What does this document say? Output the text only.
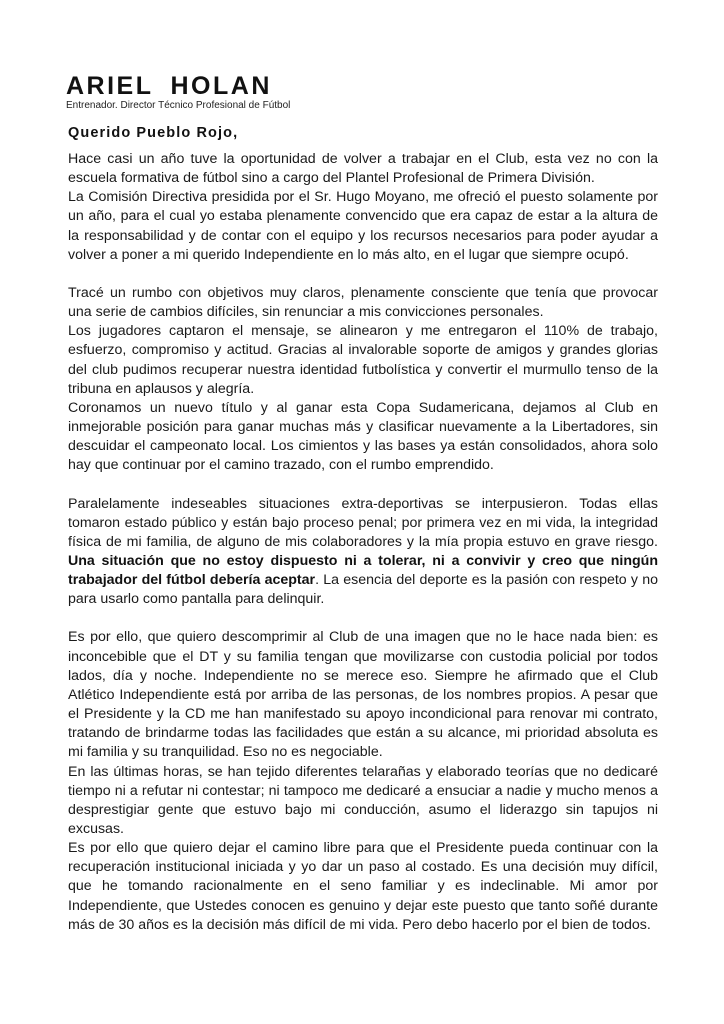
ARIEL HOLAN
Entrenador. Director Técnico Profesional de Fútbol
Querido Pueblo Rojo,

Hace casi un año tuve la oportunidad de volver a trabajar en el Club, esta vez no con la escuela formativa de fútbol sino a cargo del Plantel Profesional de Primera División.

La Comisión Directiva presidida por el Sr. Hugo Moyano, me ofreció el puesto solamente por un año, para el cual yo estaba plenamente convencido que era capaz de estar a la altura de la responsabilidad y de contar con el equipo y los recursos necesarios para poder ayudar a volver a poner a mi querido Independiente en lo más alto, en el lugar que siempre ocupó.

Tracé un rumbo con objetivos muy claros, plenamente consciente que tenía que provocar una serie de cambios difíciles, sin renunciar a mis convicciones personales.

Los jugadores captaron el mensaje, se alinearon y me entregaron el 110% de trabajo, esfuerzo, compromiso y actitud. Gracias al invalorable soporte de amigos y grandes glorias del club pudimos recuperar nuestra identidad futbolística y convertir el murmullo tenso de la tribuna en aplausos y alegría.

Coronamos un nuevo título y al ganar esta Copa Sudamericana, dejamos al Club en inmejorable posición para ganar muchas más y clasificar nuevamente a la Libertadores, sin descuidar el campeonato local. Los cimientos y las bases ya están consolidados, ahora solo hay que continuar por el camino trazado, con el rumbo emprendido.

Paralelamente indeseables situaciones extra-deportivas se interpusieron. Todas ellas tomaron estado público y están bajo proceso penal; por primera vez en mi vida, la integridad física de mi familia, de alguno de mis colaboradores y la mía propia estuvo en grave riesgo. Una situación que no estoy dispuesto ni a tolerar, ni a convivir y creo que ningún trabajador del fútbol debería aceptar. La esencia del deporte es la pasión con respeto y no para usarlo como pantalla para delinquir.

Es por ello, que quiero descomprimir al Club de una imagen que no le hace nada bien: es inconcebible que el DT y su familia tengan que movilizarse con custodia policial por todos lados, día y noche. Independiente no se merece eso. Siempre he afirmado que el Club Atlético Independiente está por arriba de las personas, de los nombres propios. A pesar que el Presidente y la CD me han manifestado su apoyo incondicional para renovar mi contrato, tratando de brindarme todas las facilidades que están a su alcance, mi prioridad absoluta es mi familia y su tranquilidad. Eso no es negociable.

En las últimas horas, se han tejido diferentes telarañas y elaborado teorías que no dedicaré tiempo ni a refutar ni contestar; ni tampoco me dedicaré a ensuciar a nadie y mucho menos a desprestigiar gente que estuvo bajo mi conducción, asumo el liderazgo sin tapujos ni excusas.

Es por ello que quiero dejar el camino libre para que el Presidente pueda continuar con la recuperación institucional iniciada y yo dar un paso al costado. Es una decisión muy difícil, que he tomando racionalmente en el seno familiar y es indeclinable. Mi amor por Independiente, que Ustedes conocen es genuino y dejar este puesto que tanto soñé durante más de 30 años es la decisión más difícil de mi vida. Pero debo hacerlo por el bien de todos.
